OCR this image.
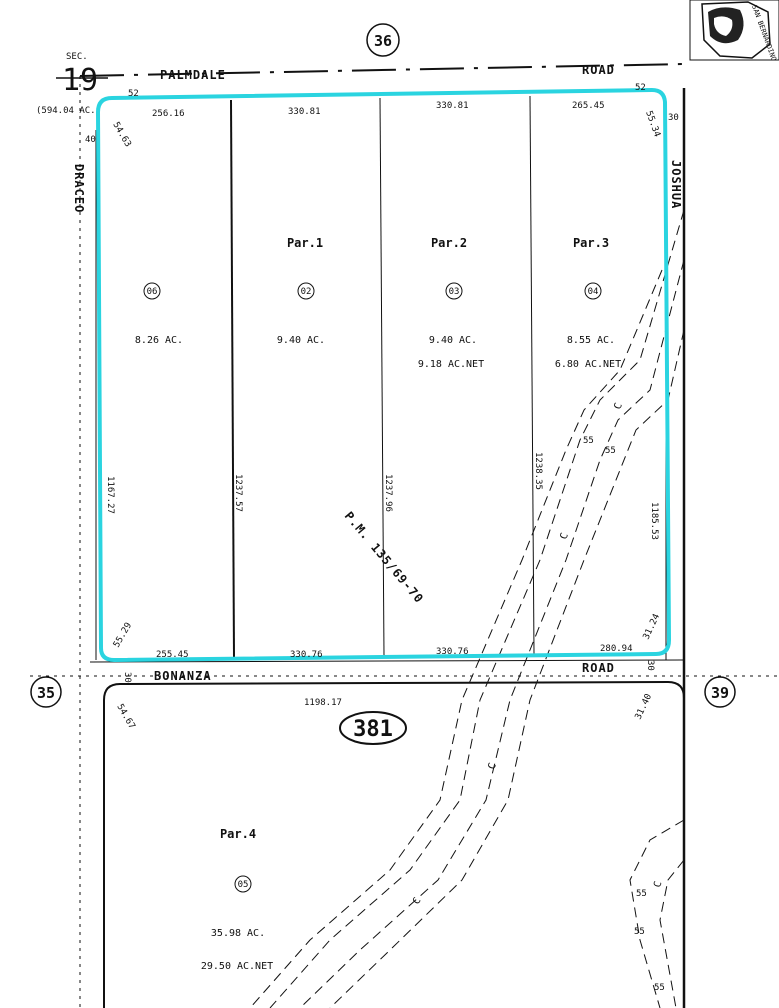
SAN BERNARDINO
SEC.
19
(594.04 AC.)
36
35	39
PALMDALE	ROAD
BONANZA
ROAD
DRACEO	JOSHUA
C
C
C
C
C
55
55
55
55
55
256.16	330.81
330.81	265.45
255.45	330.76	330.76	280.94
1167.27	1237.57	1237.96
1238.35
1185.53
54.63	55.34
55.29	31.24
54.67	31.40
52
40
52
30
30
30
1198.17
P.M. 135/69-70
381
06
8.26 AC.
Par.1
02
9.40 AC.
Par.2
03
9.40 AC.
9.18 AC.NET
Par.3
04
8.55 AC.
6.80 AC.NET
Par.4
05
35.98 AC.
29.50 AC.NET
